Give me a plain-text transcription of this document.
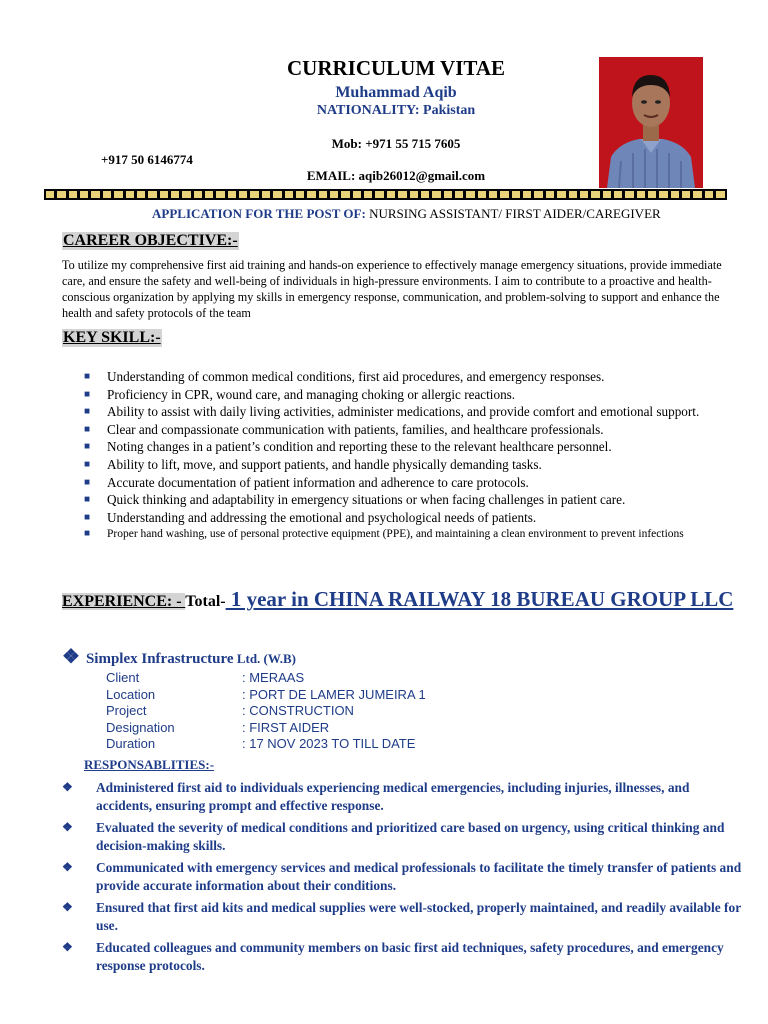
CURRICULUM VITAE
Muhammad Aqib
NATIONALITY: Pakistan
Mob: +971 55 715 7605
+917 50 6146774
EMAIL: aqib26012@gmail.com
APPLICATION FOR THE POST OF: NURSING ASSISTANT/ FIRST AIDER/CAREGIVER
CAREER OBJECTIVE:-
To utilize my comprehensive first aid training and hands-on experience to effectively manage emergency situations, provide immediate care, and ensure the safety and well-being of individuals in high-pressure environments. I aim to contribute to a proactive and health-conscious organization by applying my skills in emergency response, communication, and problem-solving to support and enhance the health and safety protocols of the team
KEY SKILL:-
■ Understanding of common medical conditions, first aid procedures, and emergency responses.
■ Proficiency in CPR, wound care, and managing choking or allergic reactions.
■ Ability to assist with daily living activities, administer medications, and provide comfort and emotional support.
■ Clear and compassionate communication with patients, families, and healthcare professionals.
■ Noting changes in a patient’s condition and reporting these to the relevant healthcare personnel.
■ Ability to lift, move, and support patients, and handle physically demanding tasks.
■ Accurate documentation of patient information and adherence to care protocols.
■ Quick thinking and adaptability in emergency situations or when facing challenges in patient care.
■ Understanding and addressing the emotional and psychological needs of patients.
■ Proper hand washing, use of personal protective equipment (PPE), and maintaining a clean environment to prevent infections
EXPERIENCE: - Total- 1 year in CHINA RAILWAY 18 BUREAU GROUP LLC
❖ Simplex Infrastructure Ltd. (W.B)
Client	: MERAAS
Location	: PORT DE LAMER JUMEIRA 1
Project	: CONSTRUCTION
Designation	: FIRST AIDER
Duration	: 17 NOV 2023 TO TILL DATE
RESPONSABLITIES:-
❖ Administered first aid to individuals experiencing medical emergencies, including injuries, illnesses, and accidents, ensuring prompt and effective response.
❖ Evaluated the severity of medical conditions and prioritized care based on urgency, using critical thinking and decision-making skills.
❖ Communicated with emergency services and medical professionals to facilitate the timely transfer of patients and provide accurate information about their conditions.
❖ Ensured that first aid kits and medical supplies were well-stocked, properly maintained, and readily available for use.
❖ Educated colleagues and community members on basic first aid techniques, safety procedures, and emergency response protocols.
